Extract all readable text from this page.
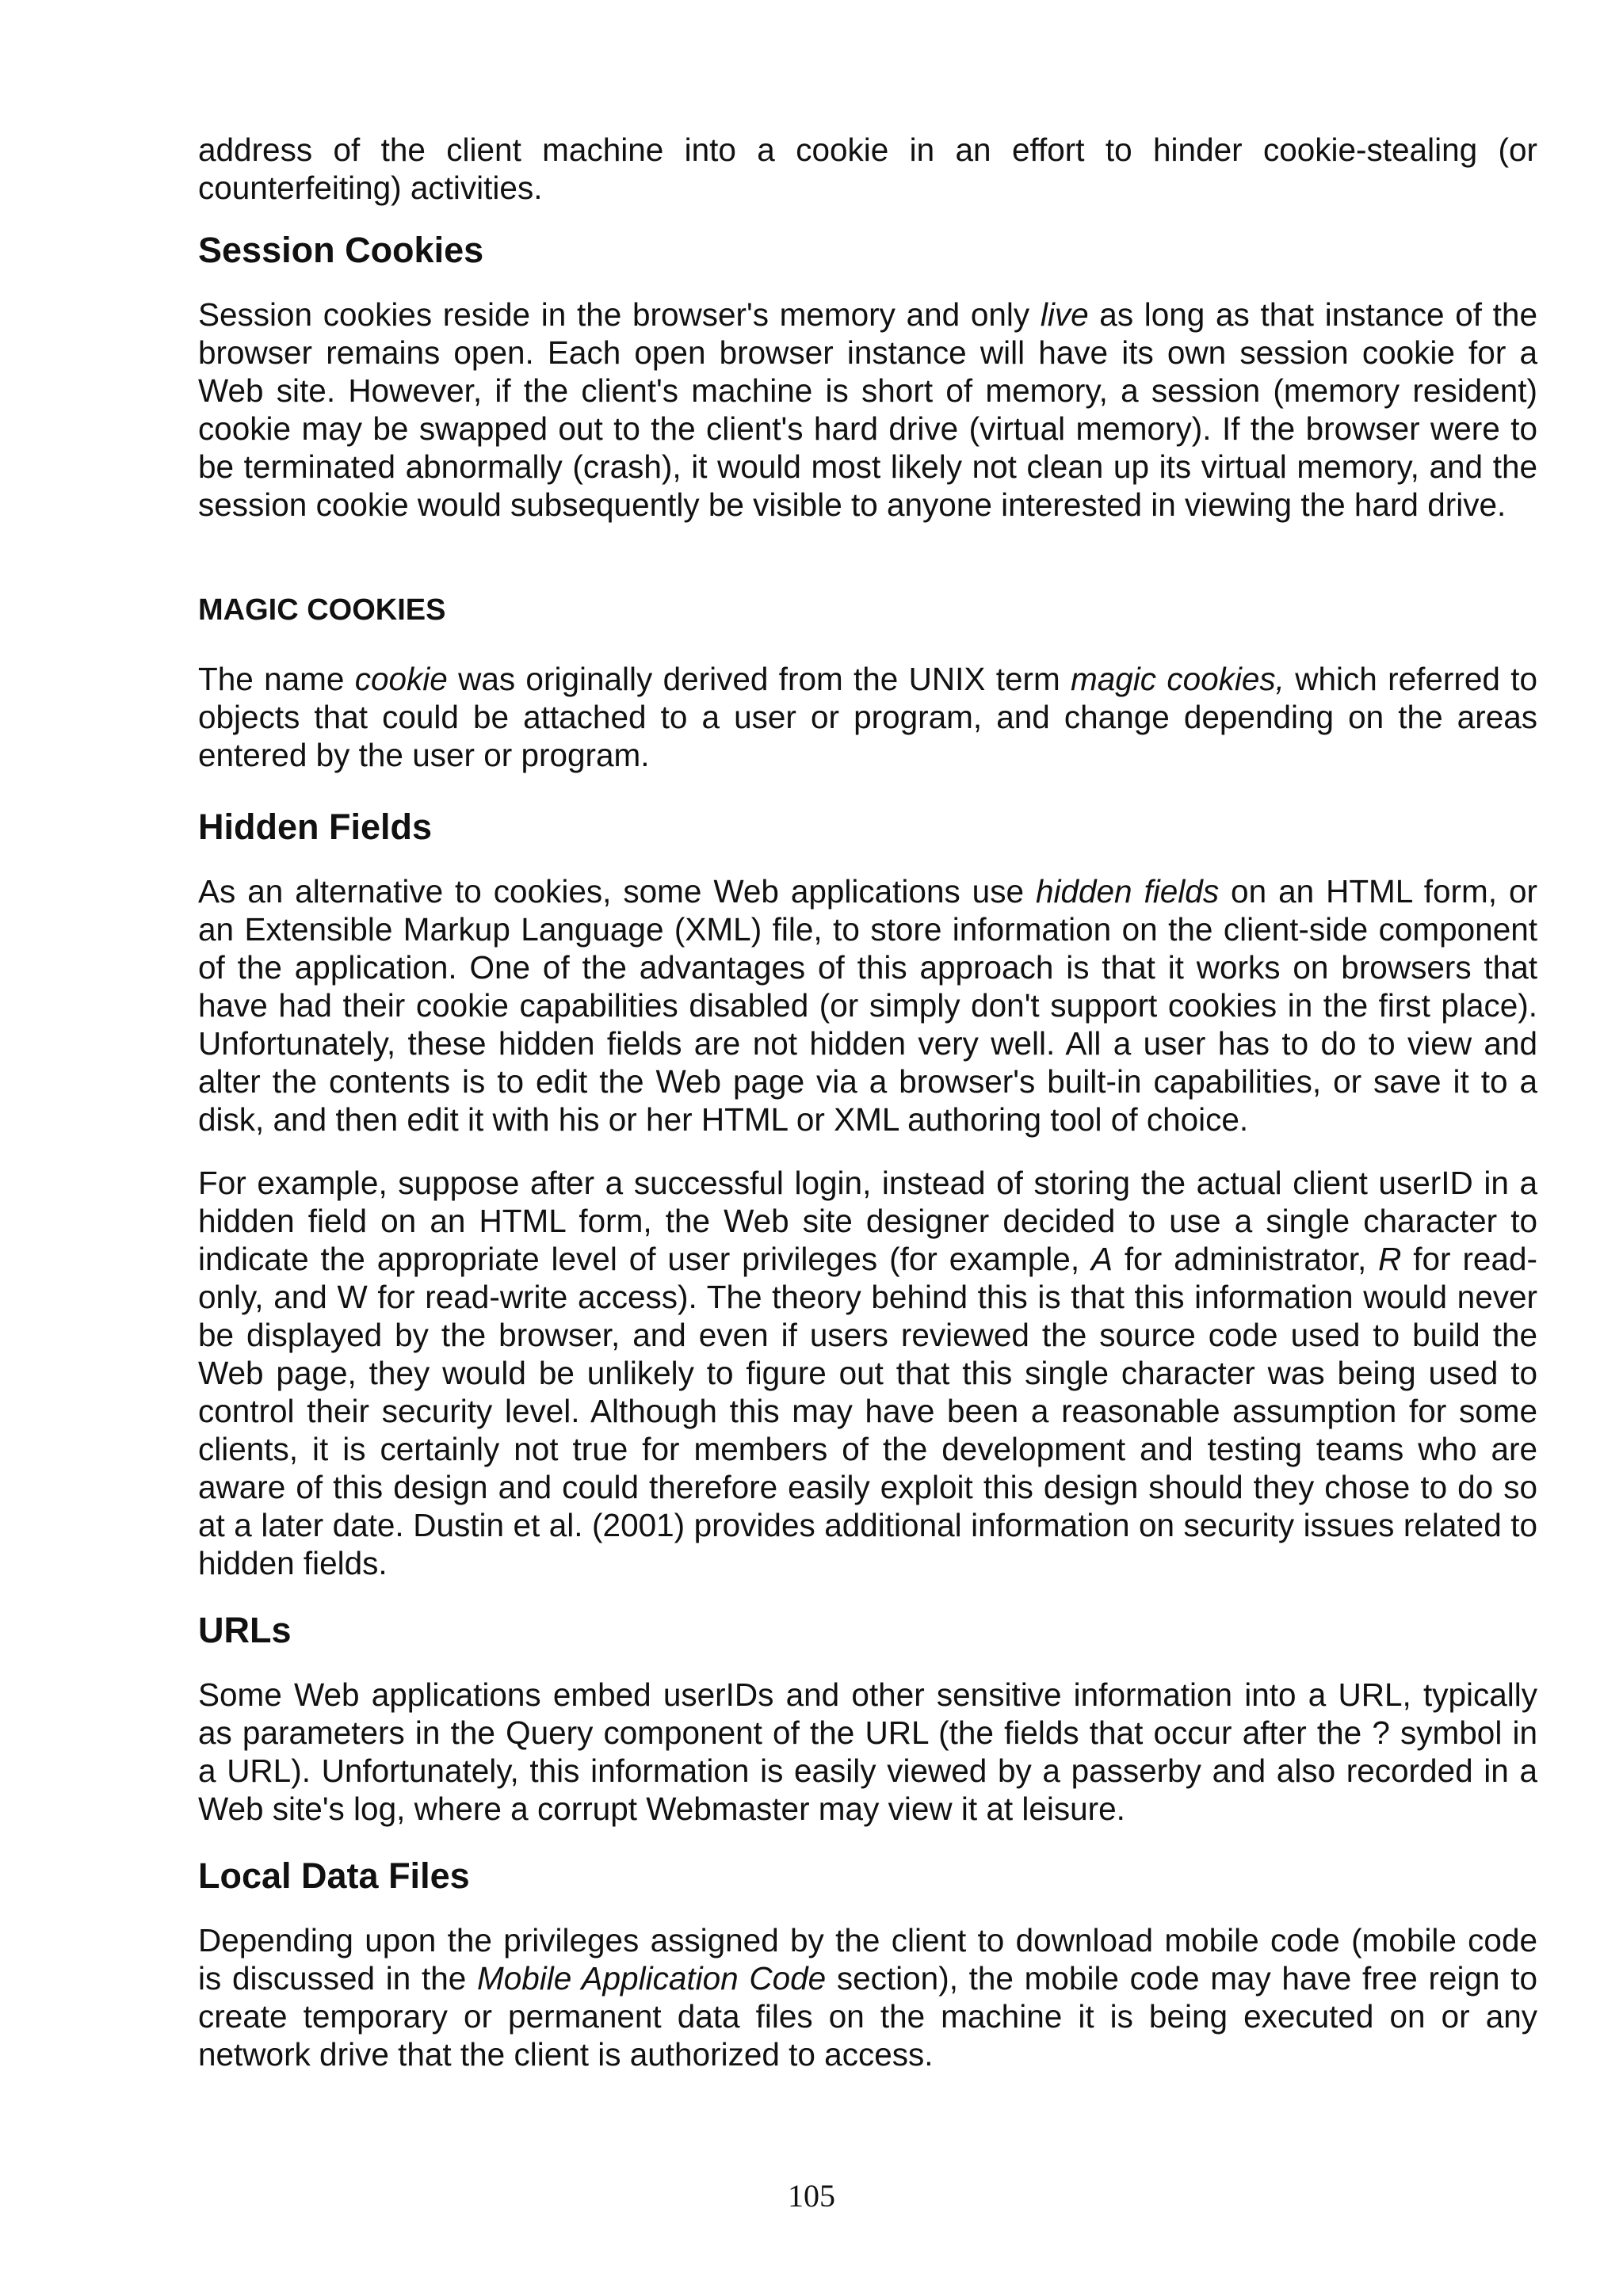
address of the client machine into a cookie in an effort to hinder cookie-stealing (or counterfeiting) activities.

Session Cookies

Session cookies reside in the browser's memory and only live as long as that instance of the browser remains open. Each open browser instance will have its own session cookie for a Web site. However, if the client's machine is short of memory, a session (memory resident) cookie may be swapped out to the client's hard drive (virtual memory). If the browser were to be terminated abnormally (crash), it would most likely not clean up its virtual memory, and the session cookie would subsequently be visible to anyone interested in viewing the hard drive.

MAGIC COOKIES

The name cookie was originally derived from the UNIX term magic cookies, which referred to objects that could be attached to a user or program, and change depending on the areas entered by the user or program.

Hidden Fields

As an alternative to cookies, some Web applications use hidden fields on an HTML form, or an Extensible Markup Language (XML) file, to store information on the client-side component of the application. One of the advantages of this approach is that it works on browsers that have had their cookie capabilities disabled (or simply don't support cookies in the first place). Unfortunately, these hidden fields are not hidden very well. All a user has to do to view and alter the contents is to edit the Web page via a browser's built-in capabilities, or save it to a disk, and then edit it with his or her HTML or XML authoring tool of choice.

For example, suppose after a successful login, instead of storing the actual client userID in a hidden field on an HTML form, the Web site designer decided to use a single character to indicate the appropriate level of user privileges (for example, A for administrator, R for read-only, and W for read-write access). The theory behind this is that this information would never be displayed by the browser, and even if users reviewed the source code used to build the Web page, they would be unlikely to figure out that this single character was being used to control their security level. Although this may have been a reasonable assumption for some clients, it is certainly not true for members of the development and testing teams who are aware of this design and could therefore easily exploit this design should they chose to do so at a later date. Dustin et al. (2001) provides additional information on security issues related to hidden fields.

URLs

Some Web applications embed userIDs and other sensitive information into a URL, typically as parameters in the Query component of the URL (the fields that occur after the ? symbol in a URL). Unfortunately, this information is easily viewed by a passerby and also recorded in a Web site's log, where a corrupt Webmaster may view it at leisure.

Local Data Files

Depending upon the privileges assigned by the client to download mobile code (mobile code is discussed in the Mobile Application Code section), the mobile code may have free reign to create temporary or permanent data files on the machine it is being executed on or any network drive that the client is authorized to access.

105
